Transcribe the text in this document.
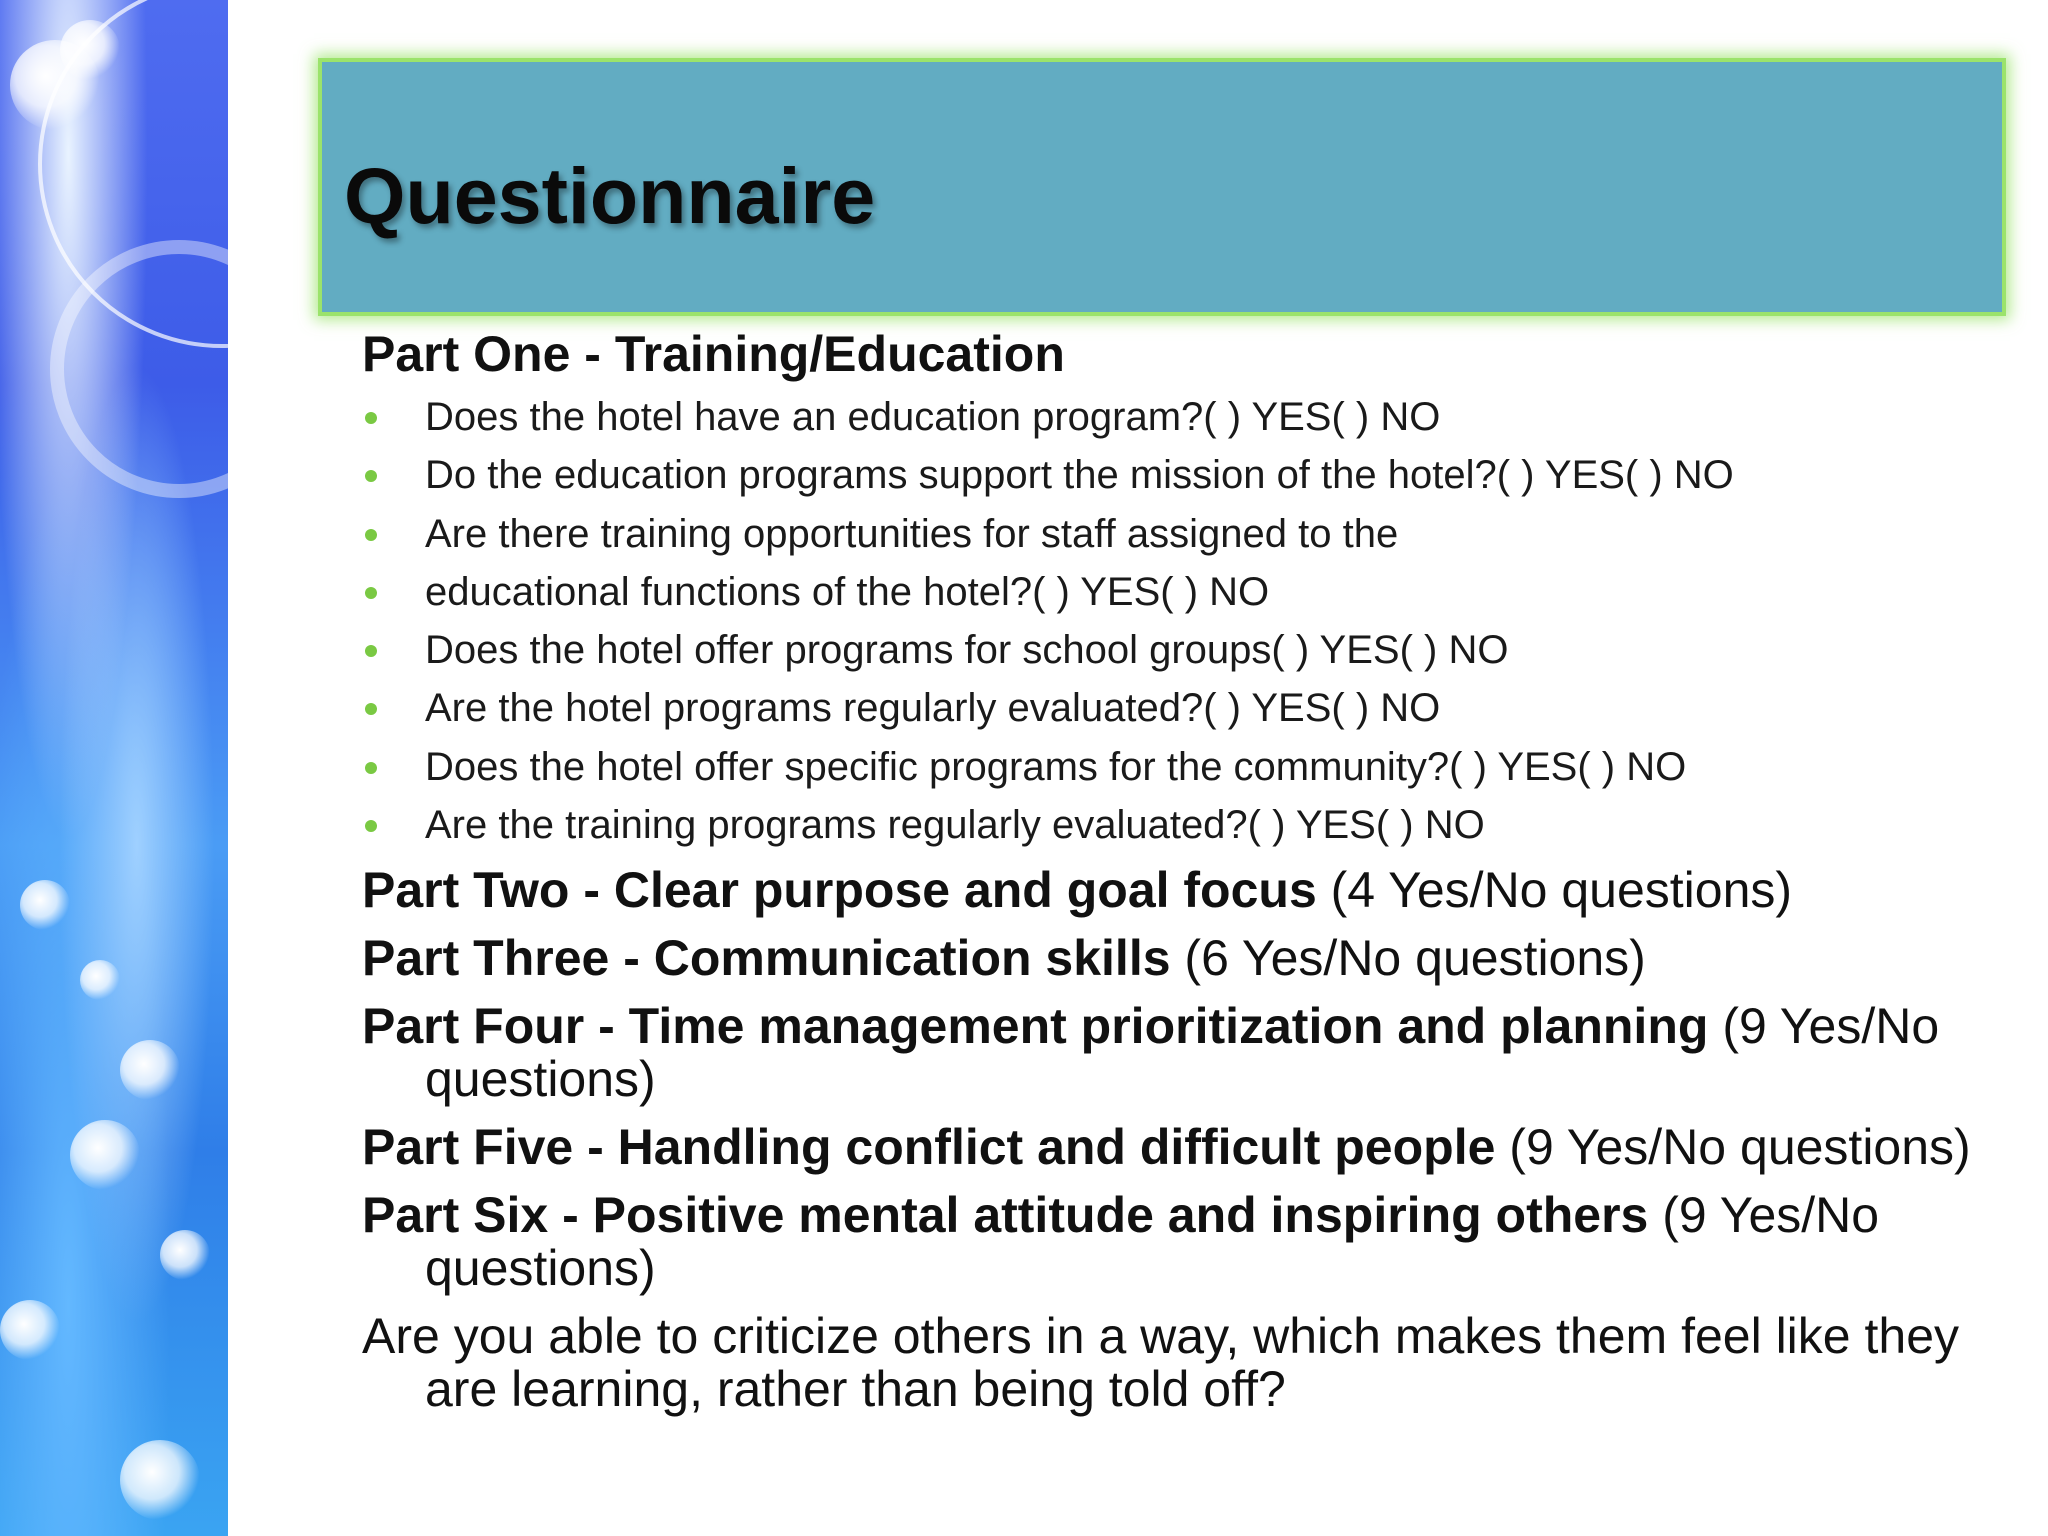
Questionnaire
Part One - Training/Education
Does the hotel have an education program?( ) YES( ) NO
Do the education programs support the mission of the hotel?( ) YES( ) NO
Are there training opportunities for staff assigned to the
educational functions of the hotel?( ) YES( ) NO
Does the hotel offer programs for school groups( ) YES( ) NO
Are the hotel programs regularly evaluated?( ) YES( ) NO
Does the hotel offer specific programs for the community?( ) YES( ) NO
Are the training programs regularly evaluated?( ) YES( ) NO
Part Two - Clear purpose and goal focus (4 Yes/No questions)
Part Three - Communication skills (6 Yes/No questions)
Part Four - Time management prioritization and planning (9 Yes/No questions)
Part Five - Handling conflict and difficult people (9 Yes/No questions)
Part Six - Positive mental attitude and inspiring others (9 Yes/No questions)
Are you able to criticize others in a way, which makes them feel like they are learning, rather than being told off?
